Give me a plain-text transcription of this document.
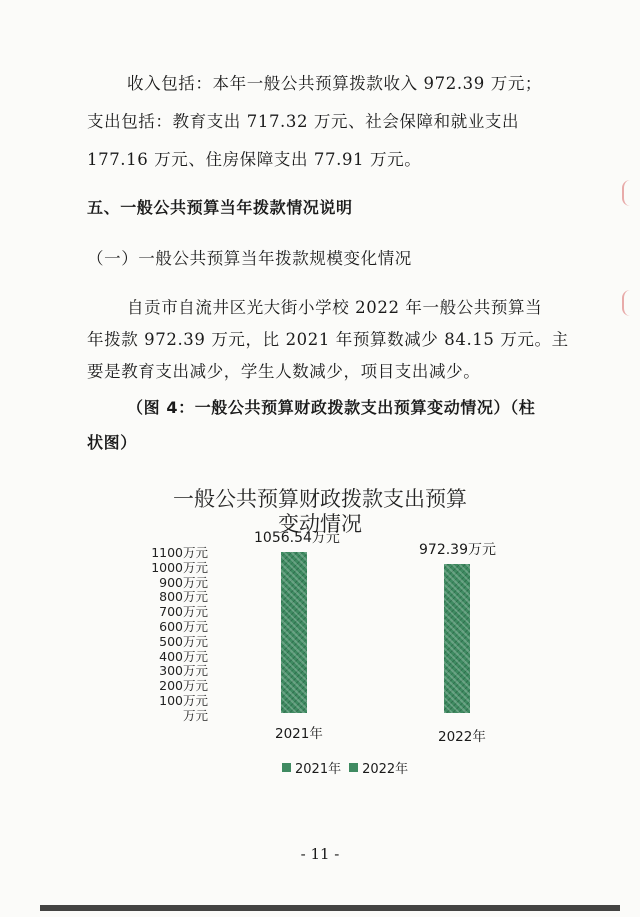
收入包括：本年一般公共预算拨款收入 972.39 万元；
支出包括：教育支出 717.32 万元、社会保障和就业支出
177.16 万元、住房保障支出 77.91 万元。
五、一般公共预算当年拨款情况说明
（一）一般公共预算当年拨款规模变化情况
自贡市自流井区光大街小学校 2022 年一般公共预算当
年拨款 972.39 万元，比 2021 年预算数减少 84.15 万元。主
要是教育支出减少，学生人数减少，项目支出减少。
（图 4：一般公共预算财政拨款支出预算变动情况）（柱
状图）
一般公共预算财政拨款支出预算
变动情况
1100万元
1000万元
900万元
800万元
700万元
600万元
500万元
400万元
300万元
200万元
100万元
万元
1056.54万元
2021年
972.39万元
2022年
2021年 2022年
- 11 -
